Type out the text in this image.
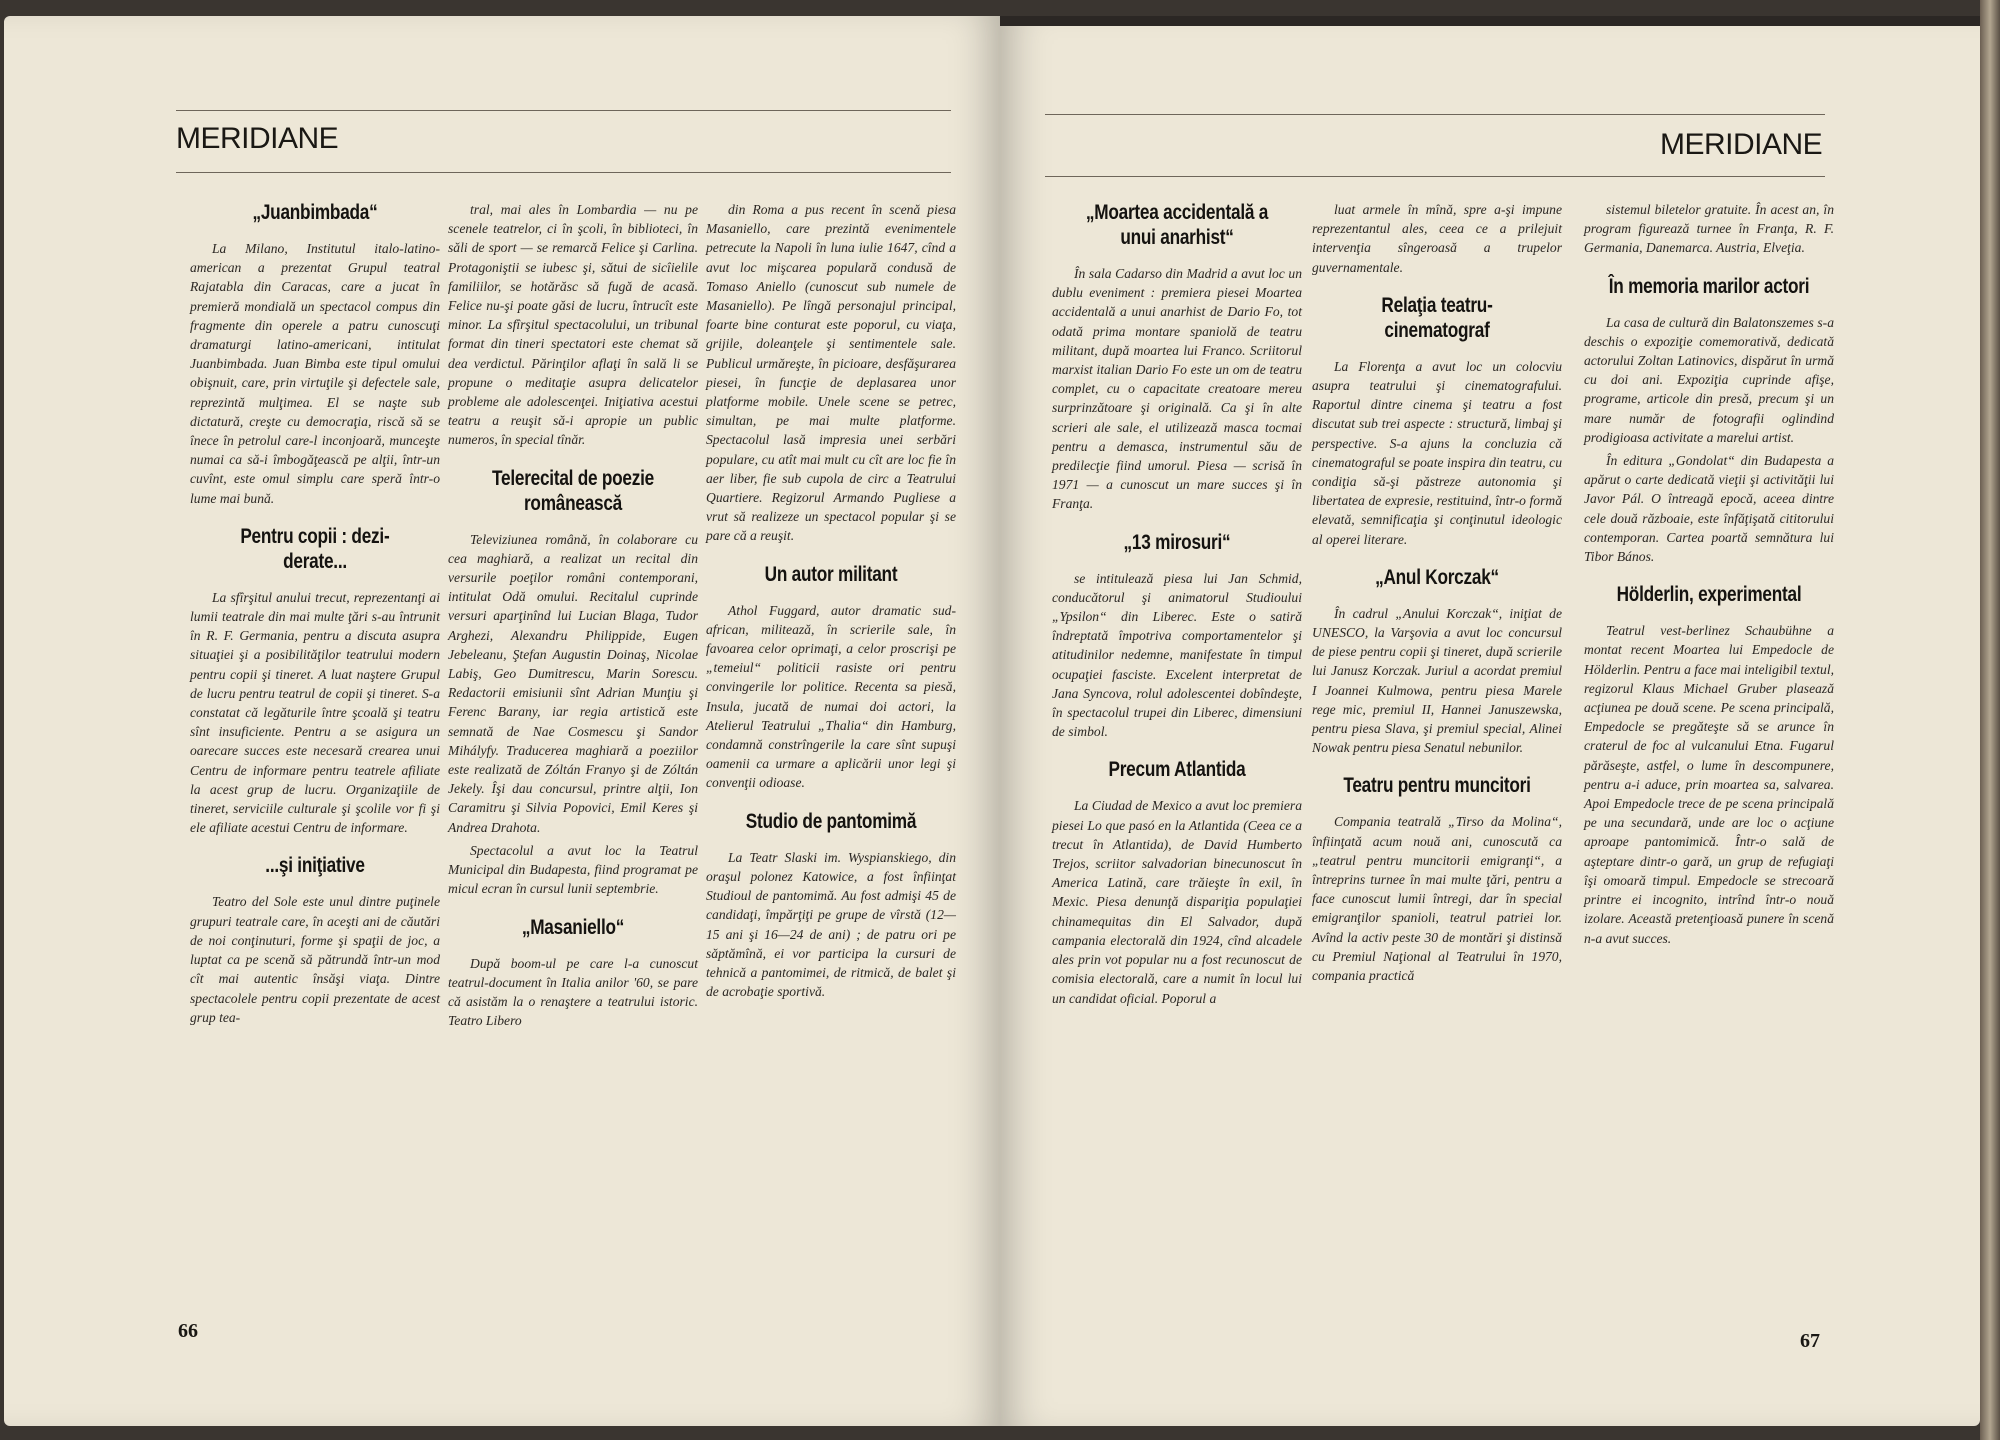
MERIDIANE	MERIDIANE
„Juanbimbada“

La Milano, Institutul italo-latino-american a prezentat Grupul teatral Rajatabla din Caracas, care a jucat în premieră mondială un spectacol compus din fragmente din operele a patru cunoscuţi dramaturgi latino-americani, intitulat Juanbimbada. Juan Bimba este tipul omului obişnuit, care, prin virtuţile şi defectele sale, reprezintă mulţimea. El se naşte sub dictatură, creşte cu democraţia, riscă să se înece în petrolul care-l inconjoară, munceşte numai ca să-i îmbogăţească pe alţii, într-un cuvînt, este omul simplu care speră într-o lume mai bună.

Pentru copii : deziderate...

La sfîrşitul anului trecut, reprezentanţi ai lumii teatrale din mai multe ţări s-au întrunit în R. F. Germania, pentru a discuta asupra situaţiei şi a posibilităţilor teatrului modern pentru copii şi tineret. A luat naştere Grupul de lucru pentru teatrul de copii şi tineret. S-a constatat că legăturile între şcoală şi teatru sînt insuficiente. Pentru a se asigura un oarecare succes este necesară crearea unui Centru de informare pentru teatrele afiliate la acest grup de lucru. Organizaţiile de tineret, serviciile culturale şi şcolile vor fi şi ele afiliate acestui Centru de informare.

...şi iniţiative

Teatro del Sole este unul dintre puţinele grupuri teatrale care, în aceşti ani de căutări de noi conţinuturi, forme şi spaţii de joc, a luptat ca pe scenă să pătrundă într-un mod cît mai autentic însăşi viaţa. Dintre spectacolele pentru copii prezentate de acest grup tea-

tral, mai ales în Lombardia — nu pe scenele teatrelor, ci în şcoli, în biblioteci, în săli de sport — se remarcă Felice şi Carlina. Protagoniştii se iubesc şi, sătui de sicîielile familiilor, se hotărăsc să fugă de acasă. Felice nu-şi poate găsi de lucru, întrucît este minor. La sfîrşitul spectacolului, un tribunal format din tineri spectatori este chemat să dea verdictul. Părinţilor aflaţi în sală li se propune o meditaţie asupra delicatelor probleme ale adolescenţei. Iniţiativa acestui teatru a reuşit să-i apropie un public numeros, în special tînăr.

Telerecital de poezie românească

Televiziunea română, în colaborare cu cea maghiară, a realizat un recital din versurile poeţilor români contemporani, intitulat Odă omului. Recitalul cuprinde versuri aparţinînd lui Lucian Blaga, Tudor Arghezi, Alexandru Philippide, Eugen Jebeleanu, Ştefan Augustin Doinaş, Nicolae Labiş, Geo Dumitrescu, Marin Sorescu. Redactorii emisiunii sînt Adrian Munţiu şi Ferenc Barany, iar regia artistică este semnată de Nae Cosmescu şi Sandor Mihályfy. Traducerea maghiară a poeziilor este realizată de Zóltán Franyo şi de Zóltán Jekely. Îşi dau concursul, printre alţii, Ion Caramitru şi Silvia Popovici, Emil Keres şi Andrea Drahota.

Spectacolul a avut loc la Teatrul Municipal din Budapesta, fiind programat pe micul ecran în cursul lunii septembrie.

„Masaniello“

După boom-ul pe care l-a cunoscut teatrul-document în Italia anilor '60, se pare că asistăm la o renaştere a teatrului istoric. Teatro Libero

din Roma a pus recent în scenă piesa Masaniello, care prezintă evenimentele petrecute la Napoli în luna iulie 1647, cînd a avut loc mişcarea populară condusă de Tomaso Aniello (cunoscut sub numele de Masaniello). Pe lîngă personajul principal, foarte bine conturat este poporul, cu viaţa, grijile, doleanţele şi sentimentele sale. Publicul urmăreşte, în picioare, desfăşurarea piesei, în funcţie de deplasarea unor platforme mobile. Unele scene se petrec, simultan, pe mai multe platforme. Spectacolul lasă impresia unei serbări populare, cu atît mai mult cu cît are loc fie în aer liber, fie sub cupola de circ a Teatrului Quartiere. Regizorul Armando Pugliese a vrut să realizeze un spectacol popular şi se pare că a reuşit.

Un autor militant

Athol Fuggard, autor dramatic sud-african, militează, în scrierile sale, în favoarea celor oprimaţi, a celor proscrişi pe „temeiul“ politicii rasiste ori pentru convingerile lor politice. Recenta sa piesă, Insula, jucată de numai doi actori, la Atelierul Teatrului „Thalia“ din Hamburg, condamnă constrîngerile la care sînt supuşi oamenii ca urmare a aplicării unor legi şi convenţii odioase.

Studio de pantomimă

La Teatr Slaski im. Wyspianskiego, din oraşul polonez Katowice, a fost înfiinţat Studioul de pantomimă. Au fost admişi 45 de candidaţi, împărţiţi pe grupe de vîrstă (12—15 ani şi 16—24 de ani) ; de patru ori pe săptămînă, ei vor participa la cursuri de tehnică a pantomimei, de ritmică, de balet şi de acrobaţie sportivă.

„Moartea accidentală a unui anarhist“

În sala Cadarso din Madrid a avut loc un dublu eveniment : premiera piesei Moartea accidentală a unui anarhist de Dario Fo, tot odată prima montare spaniolă de teatru militant, după moartea lui Franco. Scriitorul marxist italian Dario Fo este un om de teatru complet, cu o capacitate creatoare mereu surprinzătoare şi originală. Ca şi în alte scrieri ale sale, el utilizează masca tocmai pentru a demasca, instrumentul său de predilecţie fiind umorul. Piesa — scrisă în 1971 — a cunoscut un mare succes şi în Franţa.

„13 mirosuri“

se intitulează piesa lui Jan Schmid, conducătorul şi animatorul Studioului „Ypsilon“ din Liberec. Este o satiră îndreptată împotriva comportamentelor şi atitudinilor nedemne, manifestate în timpul ocupaţiei fasciste. Excelent interpretat de Jana Syncova, rolul adolescentei dobîndeşte, în spectacolul trupei din Liberec, dimensiuni de simbol.

Precum Atlantida

La Ciudad de Mexico a avut loc premiera piesei Lo que pasó en la Atlantida (Ceea ce a trecut în Atlantida), de David Humberto Trejos, scriitor salvadorian binecunoscut în America Latină, care trăieşte în exil, în Mexic. Piesa denunţă dispariţia populaţiei chinamequitas din El Salvador, după campania electorală din 1924, cînd alcadele ales prin vot popular nu a fost recunoscut de comisia electorală, care a numit în locul lui un candidat oficial. Poporul a

luat armele în mînă, spre a-şi impune reprezentantul ales, ceea ce a prilejuit intervenţia sîngeroasă a trupelor guvernamentale.

Relaţia teatru-cinematograf

La Florenţa a avut loc un colocviu asupra teatrului şi cinematografului. Raportul dintre cinema şi teatru a fost discutat sub trei aspecte : structură, limbaj şi perspective. S-a ajuns la concluzia că cinematograful se poate inspira din teatru, cu condiţia să-şi păstreze autonomia şi libertatea de expresie, restituind, într-o formă elevată, semnificaţia şi conţinutul ideologic al operei literare.

„Anul Korczak“

În cadrul „Anului Korczak“, iniţiat de UNESCO, la Varşovia a avut loc concursul de piese pentru copii şi tineret, după scrierile lui Janusz Korczak. Juriul a acordat premiul I Joannei Kulmowa, pentru piesa Marele rege mic, premiul II, Hannei Januszewska, pentru piesa Slava, şi premiul special, Alinei Nowak pentru piesa Senatul nebunilor.

Teatru pentru muncitori

Compania teatrală „Tirso da Molina“, înfiinţată acum nouă ani, cunoscută ca „teatrul pentru muncitorii emigranţi“, a întreprins turnee în mai multe ţări, pentru a face cunoscut lumii întregi, dar în special emigranţilor spanioli, teatrul patriei lor. Avînd la activ peste 30 de montări şi distinsă cu Premiul Naţional al Teatrului în 1970, compania practică

sistemul biletelor gratuite. În acest an, în program figurează turnee în Franţa, R. F. Germania, Danemarca. Austria, Elveţia.

În memoria marilor actori

La casa de cultură din Balatonszemes s-a deschis o expoziţie comemorativă, dedicată actorului Zoltan Latinovics, dispărut în urmă cu doi ani. Expoziţia cuprinde afişe, programe, articole din presă, precum şi un mare număr de fotografii oglindind prodigioasa activitate a marelui artist.

În editura „Gondolat“ din Budapesta a apărut o carte dedicată vieţii şi activităţii lui Javor Pál. O întreagă epocă, aceea dintre cele două războaie, este înfăţişată cititorului contemporan. Cartea poartă semnătura lui Tibor Bános.

Hölderlin, experimental

Teatrul vest-berlinez Schaubühne a montat recent Moartea lui Empedocle de Hölderlin. Pentru a face mai inteligibil textul, regizorul Klaus Michael Gruber plasează acţiunea pe două scene. Pe scena principală, Empedocle se pregăteşte să se arunce în craterul de foc al vulcanului Etna. Fugarul părăseşte, astfel, o lume în descompunere, pentru a-i aduce, prin moartea sa, salvarea. Apoi Empedocle trece de pe scena principală pe una secundară, unde are loc o acţiune aproape pantomimică. Într-o sală de aşteptare dintr-o gară, un grup de refugiaţi îşi omoară timpul. Empedocle se strecoară printre ei incognito, intrînd într-o nouă izolare. Această pretenţioasă punere în scenă n-a avut succes.

66	67
